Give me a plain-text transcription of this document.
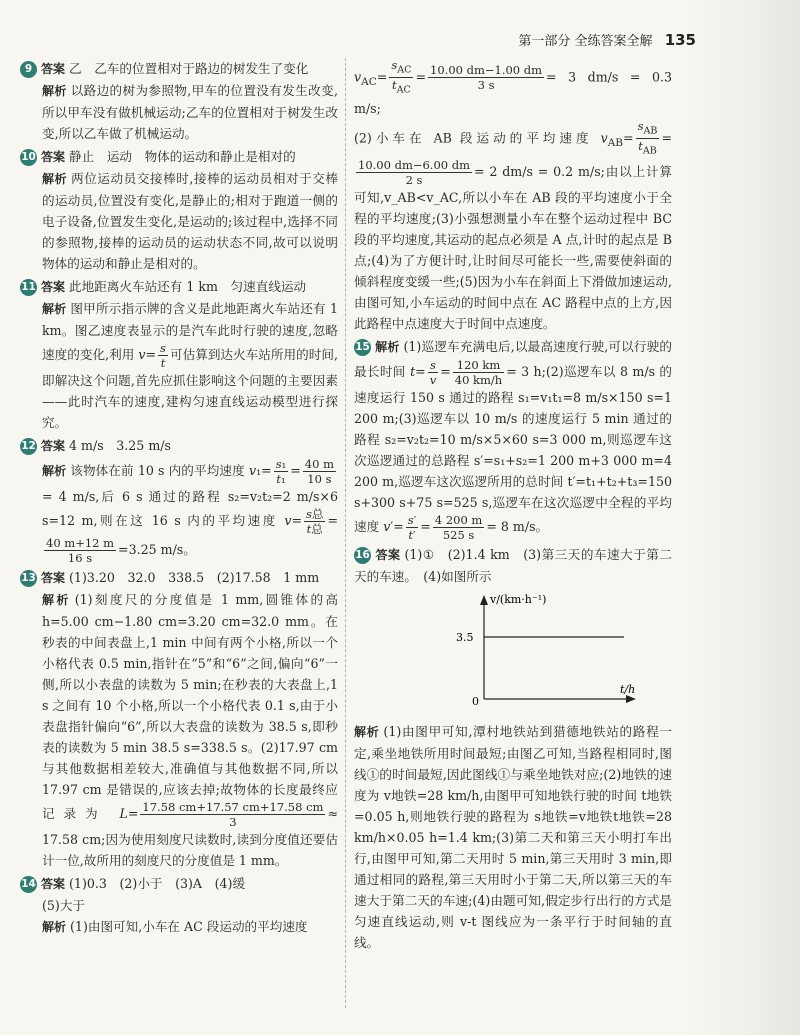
第一部分 全练答案全解 135

9 答案 乙　乙车的位置相对于路边的树发生了变化

解析 以路边的树为参照物,甲车的位置没有发生改变,所以甲车没有做机械运动;乙车的位置相对于树发生改变,所以乙车做了机械运动。

10 答案 静止　运动　物体的运动和静止是相对的

解析 两位运动员交接棒时,接棒的运动员相对于交棒的运动员,位置没有变化,是静止的;相对于跑道一侧的电子设备,位置发生变化,是运动的;该过程中,选择不同的参照物,接棒的运动员的运动状态不同,故可以说明物体的运动和静止是相对的。

11 答案 此地距离火车站还有 1 km　匀速直线运动

解析 图甲所示指示牌的含义是此地距离火车站还有 1 km。图乙速度表显示的是汽车此时行驶的速度,忽略速度的变化,利用 $v= \frac{s}{t}$ 可估算到达火车站所用的时间,即解决这个问题,首先应抓住影响这个问题的主要因素——此时汽车的速度,建构匀速直线运动模型进行探究。

12 答案 4 m/s　3.25 m/s

解析 该物体在前 10 s 内的平均速度 $v_1= \frac{\text{s₁}}{\text{t₁}} = \frac{40 m}{10 s}$
= 4 m/s,后 6 s 通过的路程 s₂=v₂t₂=2 m/s×6 s=12 m,则在这 16 s 内的平均速度 $v= \frac{\text{s总}}{\text{t总}}$ =
$\frac{40 m+12 m}{16 s} =3.25$ m/s。

13 答案 (1)3.20　32.0　338.5　(2)17.58　1 mm

解析 (1)刻度尺的分度值是 1 mm,圆锥体的高 h=5.00 cm−1.80 cm=3.20 cm=32.0 mm。在秒表的中间表盘上,1 min 中间有两个小格,所以一个小格代表 0.5 min,指针在“5”和“6”之间,偏向“6”一侧,所以小表盘的读数为 5 min;在秒表的大表盘上,1 s 之间有 10 个小格,所以一个小格代表 0.1 s,由于小表盘指针偏向“6”,所以大表盘的读数为 38.5 s,即秒表的读数为 5 min 38.5 s=338.5 s。(2)17.97 cm 与其他数据相差较大,准确值与其他数据不同,所以 17.97 cm 是错误的,应该去掉;故物体的长度最终应记录为 $L= \frac{17.58 cm+17.57 cm+17.58 cm}{3} \approx 17.58$ cm;因为使用刻度尺读数时,读到分度值还要估计一位,故所用的刻度尺的分度值是 1 mm。

14 答案 (1)0.3　(2)小于　(3)A　(4)缓

(5)大于

解析 (1)由图可知,小车在 AC 段运动的平均速度

$v_{AC}= \frac{s_{AC}}{t_{AC}} = \frac{10.00 dm-1.00 dm}{3 s} = 3$ dm/s = 0.3 m/s;

(2)小车在 AB 段运动的平均速度 $v_{AB}= \frac{s_{AB}}{t_{AB}}$ =
$\frac{10.00 dm-6.00 dm}{2 s} = 2$ dm/s = 0.2 m/s;由以上计算可知,v_AB<v_AC,所以小车在 AB 段的平均速度小于全程的平均速度;(3)小强想测量小车在整个运动过程中 BC 段的平均速度,其运动的起点必须是 A 点,计时的起点是 B 点;(4)为了方便计时,让时间尽可能长一些,需要使斜面的倾斜程度变缓一些;(5)因为小车在斜面上下滑做加速运动,由图可知,小车运动的时间中点在 AC 路程中点的上方,因此路程中点速度大于时间中点速度。

15 解析 (1)巡逻车充满电后,以最高速度行驶,可以行驶的最长时间 $t= \frac{s}{v} = \frac{120 km}{40 km/h} = 3$ h;(2)巡逻车以 8 m/s 的速度运行 150 s 通过的路程 s₁=v₁t₁=8 m/s×150 s=1 200 m;(3)巡逻车以 10 m/s 的速度运行 5 min 通过的路程 s₂=v₂t₂=10 m/s×5×60 s=3 000 m,则巡逻车这次巡逻通过的总路程 s′=s₁+s₂=1 200 m+3 000 m=4 200 m,巡逻车这次巡逻所用的总时间 t′=t₁+t₂+t₃=150 s+300 s+75 s=525 s,巡逻车在这次巡逻中全程的平均速度 $v'= \frac{s'}{t'} = \frac{4 200 m}{525 s} = 8$ m/s。

16 答案 (1)①　(2)1.4 km　(3)第三天的车速大于第二天的车速。　(4)如图所示

v/(km·h⁻¹)
3.5
0
t/h

解析 (1)由图甲可知,潭村地铁站到猎德地铁站的路程一定,乘坐地铁所用时间最短;由图乙可知,当路程相同时,图线①的时间最短,因此图线①与乘坐地铁对应;(2)地铁的速度为 v地铁=28 km/h,由图甲可知地铁行驶的时间 t地铁=0.05 h,则地铁行驶的路程为 s地铁=v地铁t地铁=28 km/h×0.05 h=1.4 km;(3)第二天和第三天小明打车出行,由图甲可知,第二天用时 5 min,第三天用时 3 min,即通过相同的路程,第三天用时小于第二天,所以第三天的车速大于第二天的车速;(4)由题可知,假定步行出行的方式是匀速直线运动,则 v-t 图线应为一条平行于时间轴的直线。
